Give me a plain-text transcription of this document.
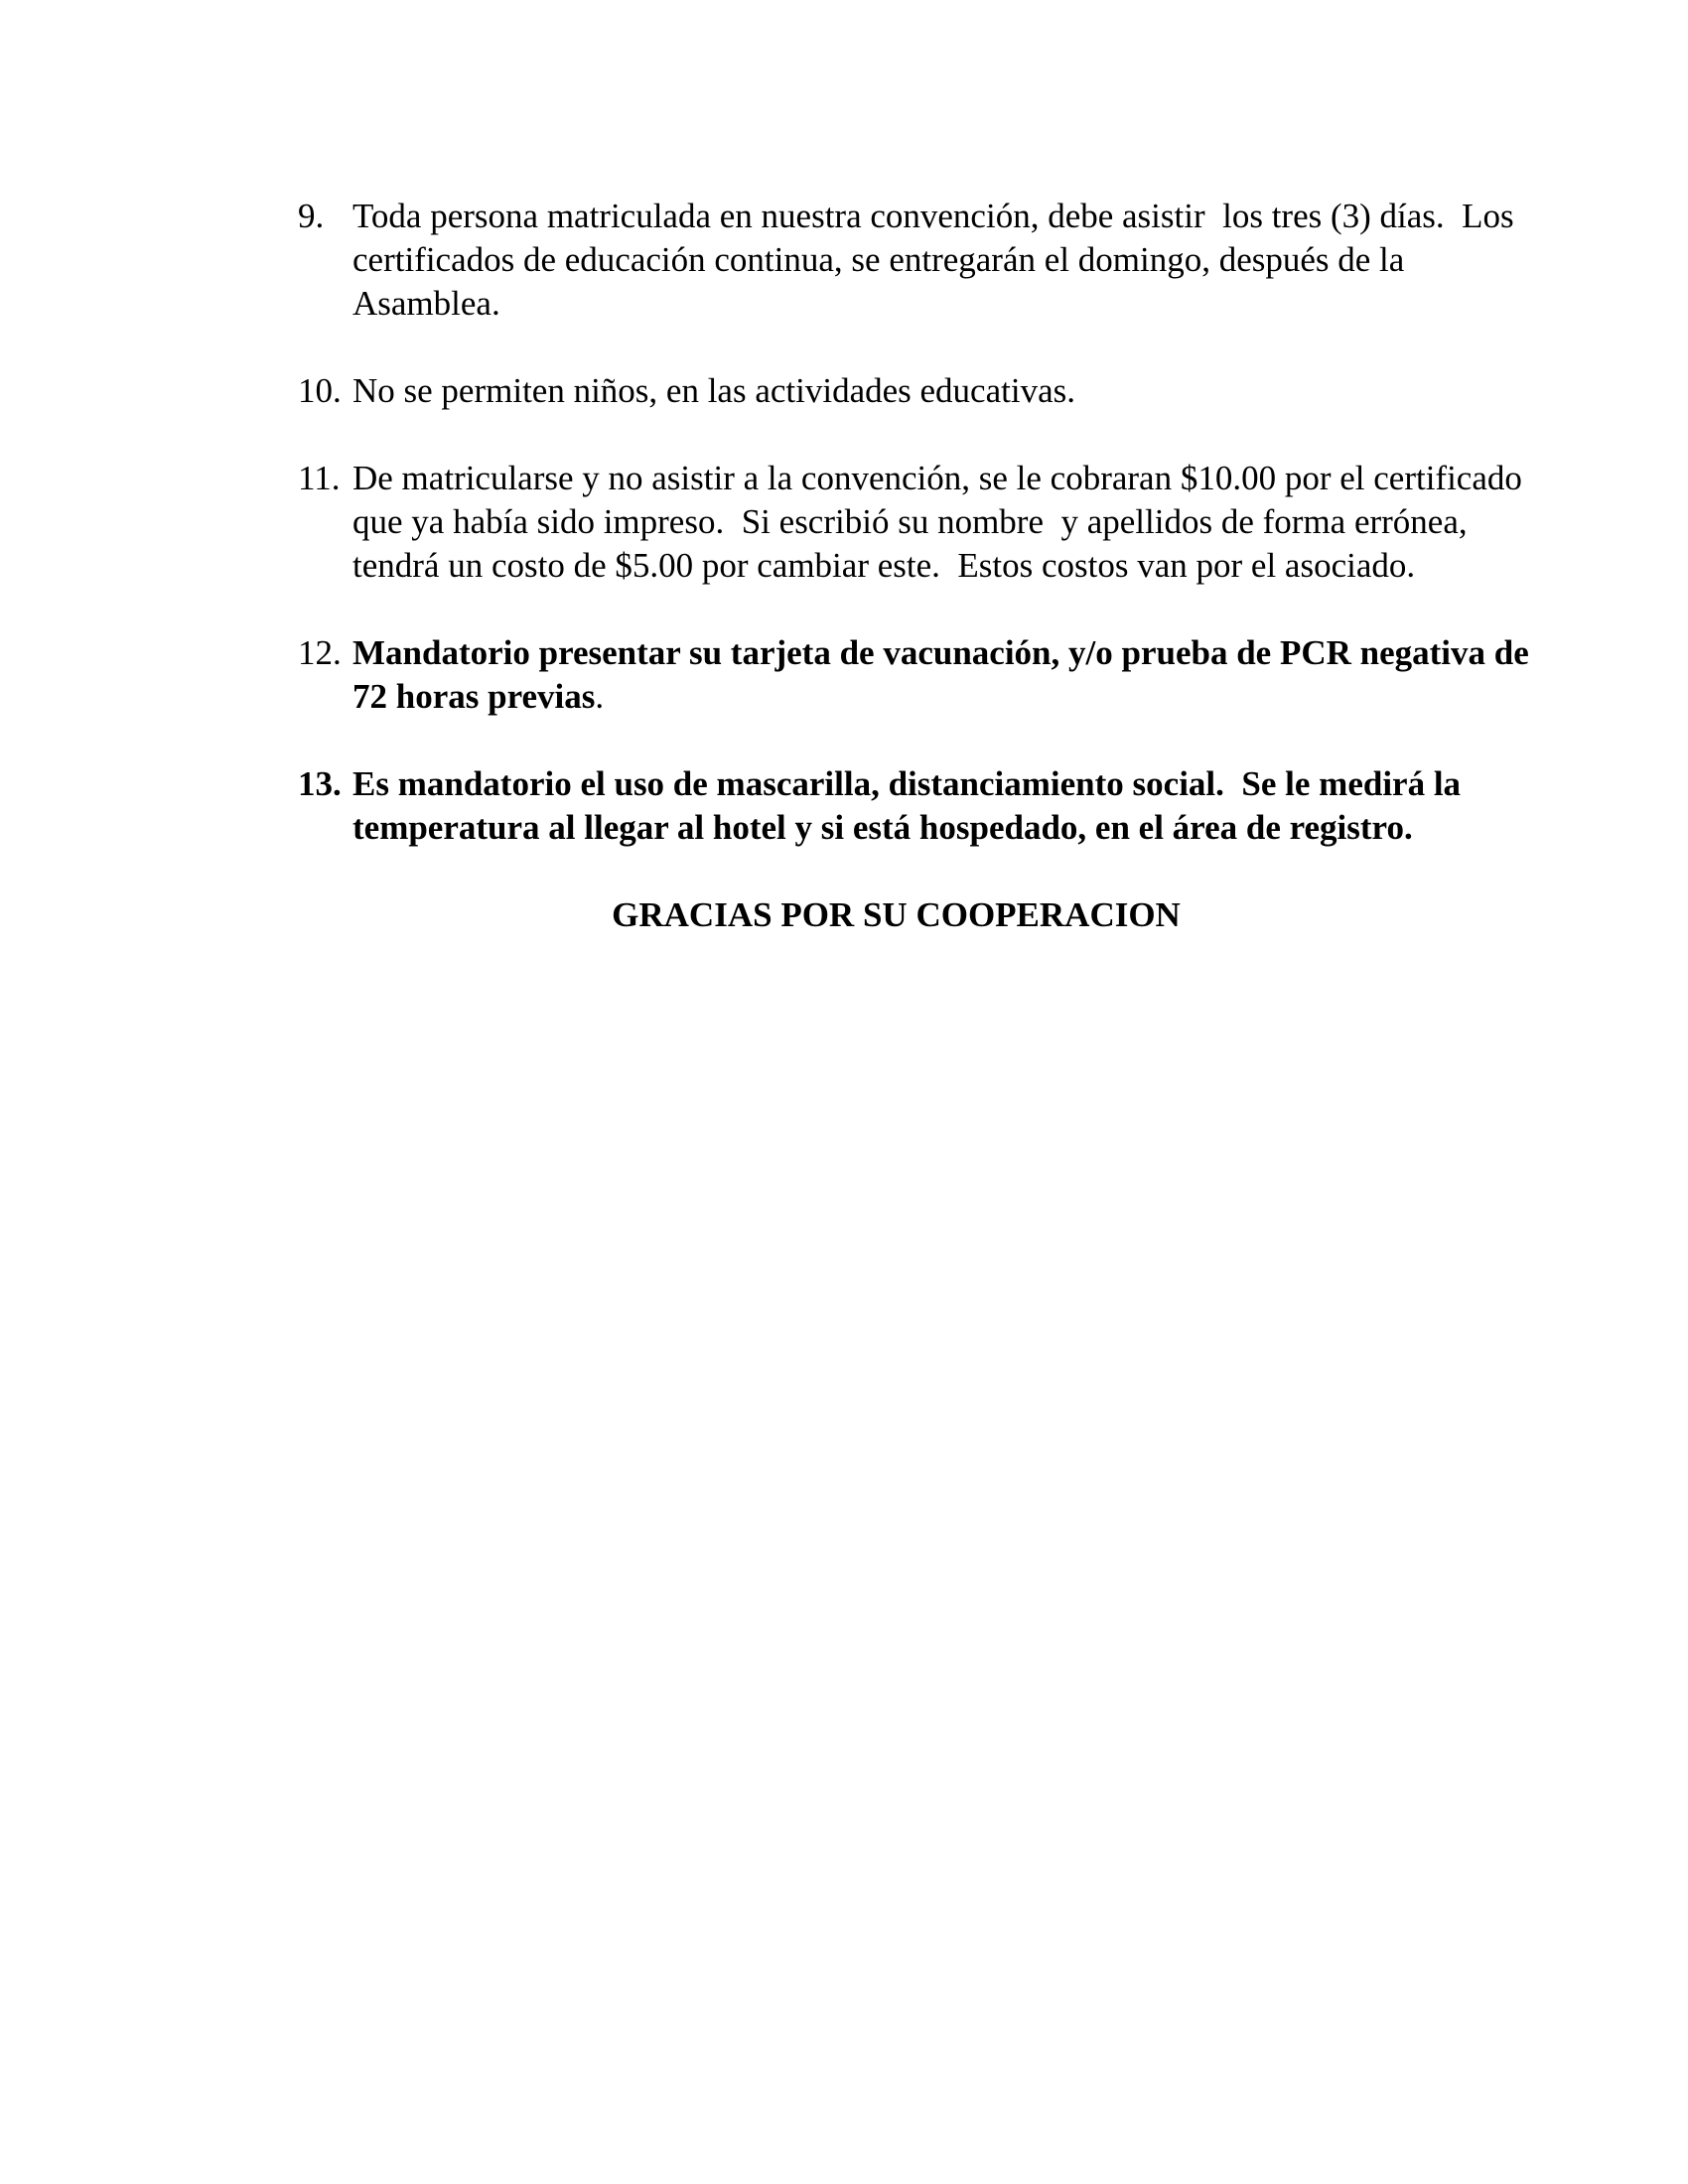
9. Toda persona matriculada en nuestra convención, debe asistir  los tres (3) días.  Los
certificados de educación continua, se entregarán el domingo, después de la
Asamblea.
10. No se permiten niños, en las actividades educativas.
11. De matricularse y no asistir a la convención, se le cobraran $10.00 por el certificado
que ya había sido impreso.  Si escribió su nombre  y apellidos de forma errónea,
tendrá un costo de $5.00 por cambiar este.  Estos costos van por el asociado.
12. Mandatorio presentar su tarjeta de vacunación, y/o prueba de PCR negativa de
72 horas previas.
13. Es mandatorio el uso de mascarilla, distanciamiento social.  Se le medirá la
temperatura al llegar al hotel y si está hospedado, en el área de registro.
GRACIAS POR SU COOPERACION
